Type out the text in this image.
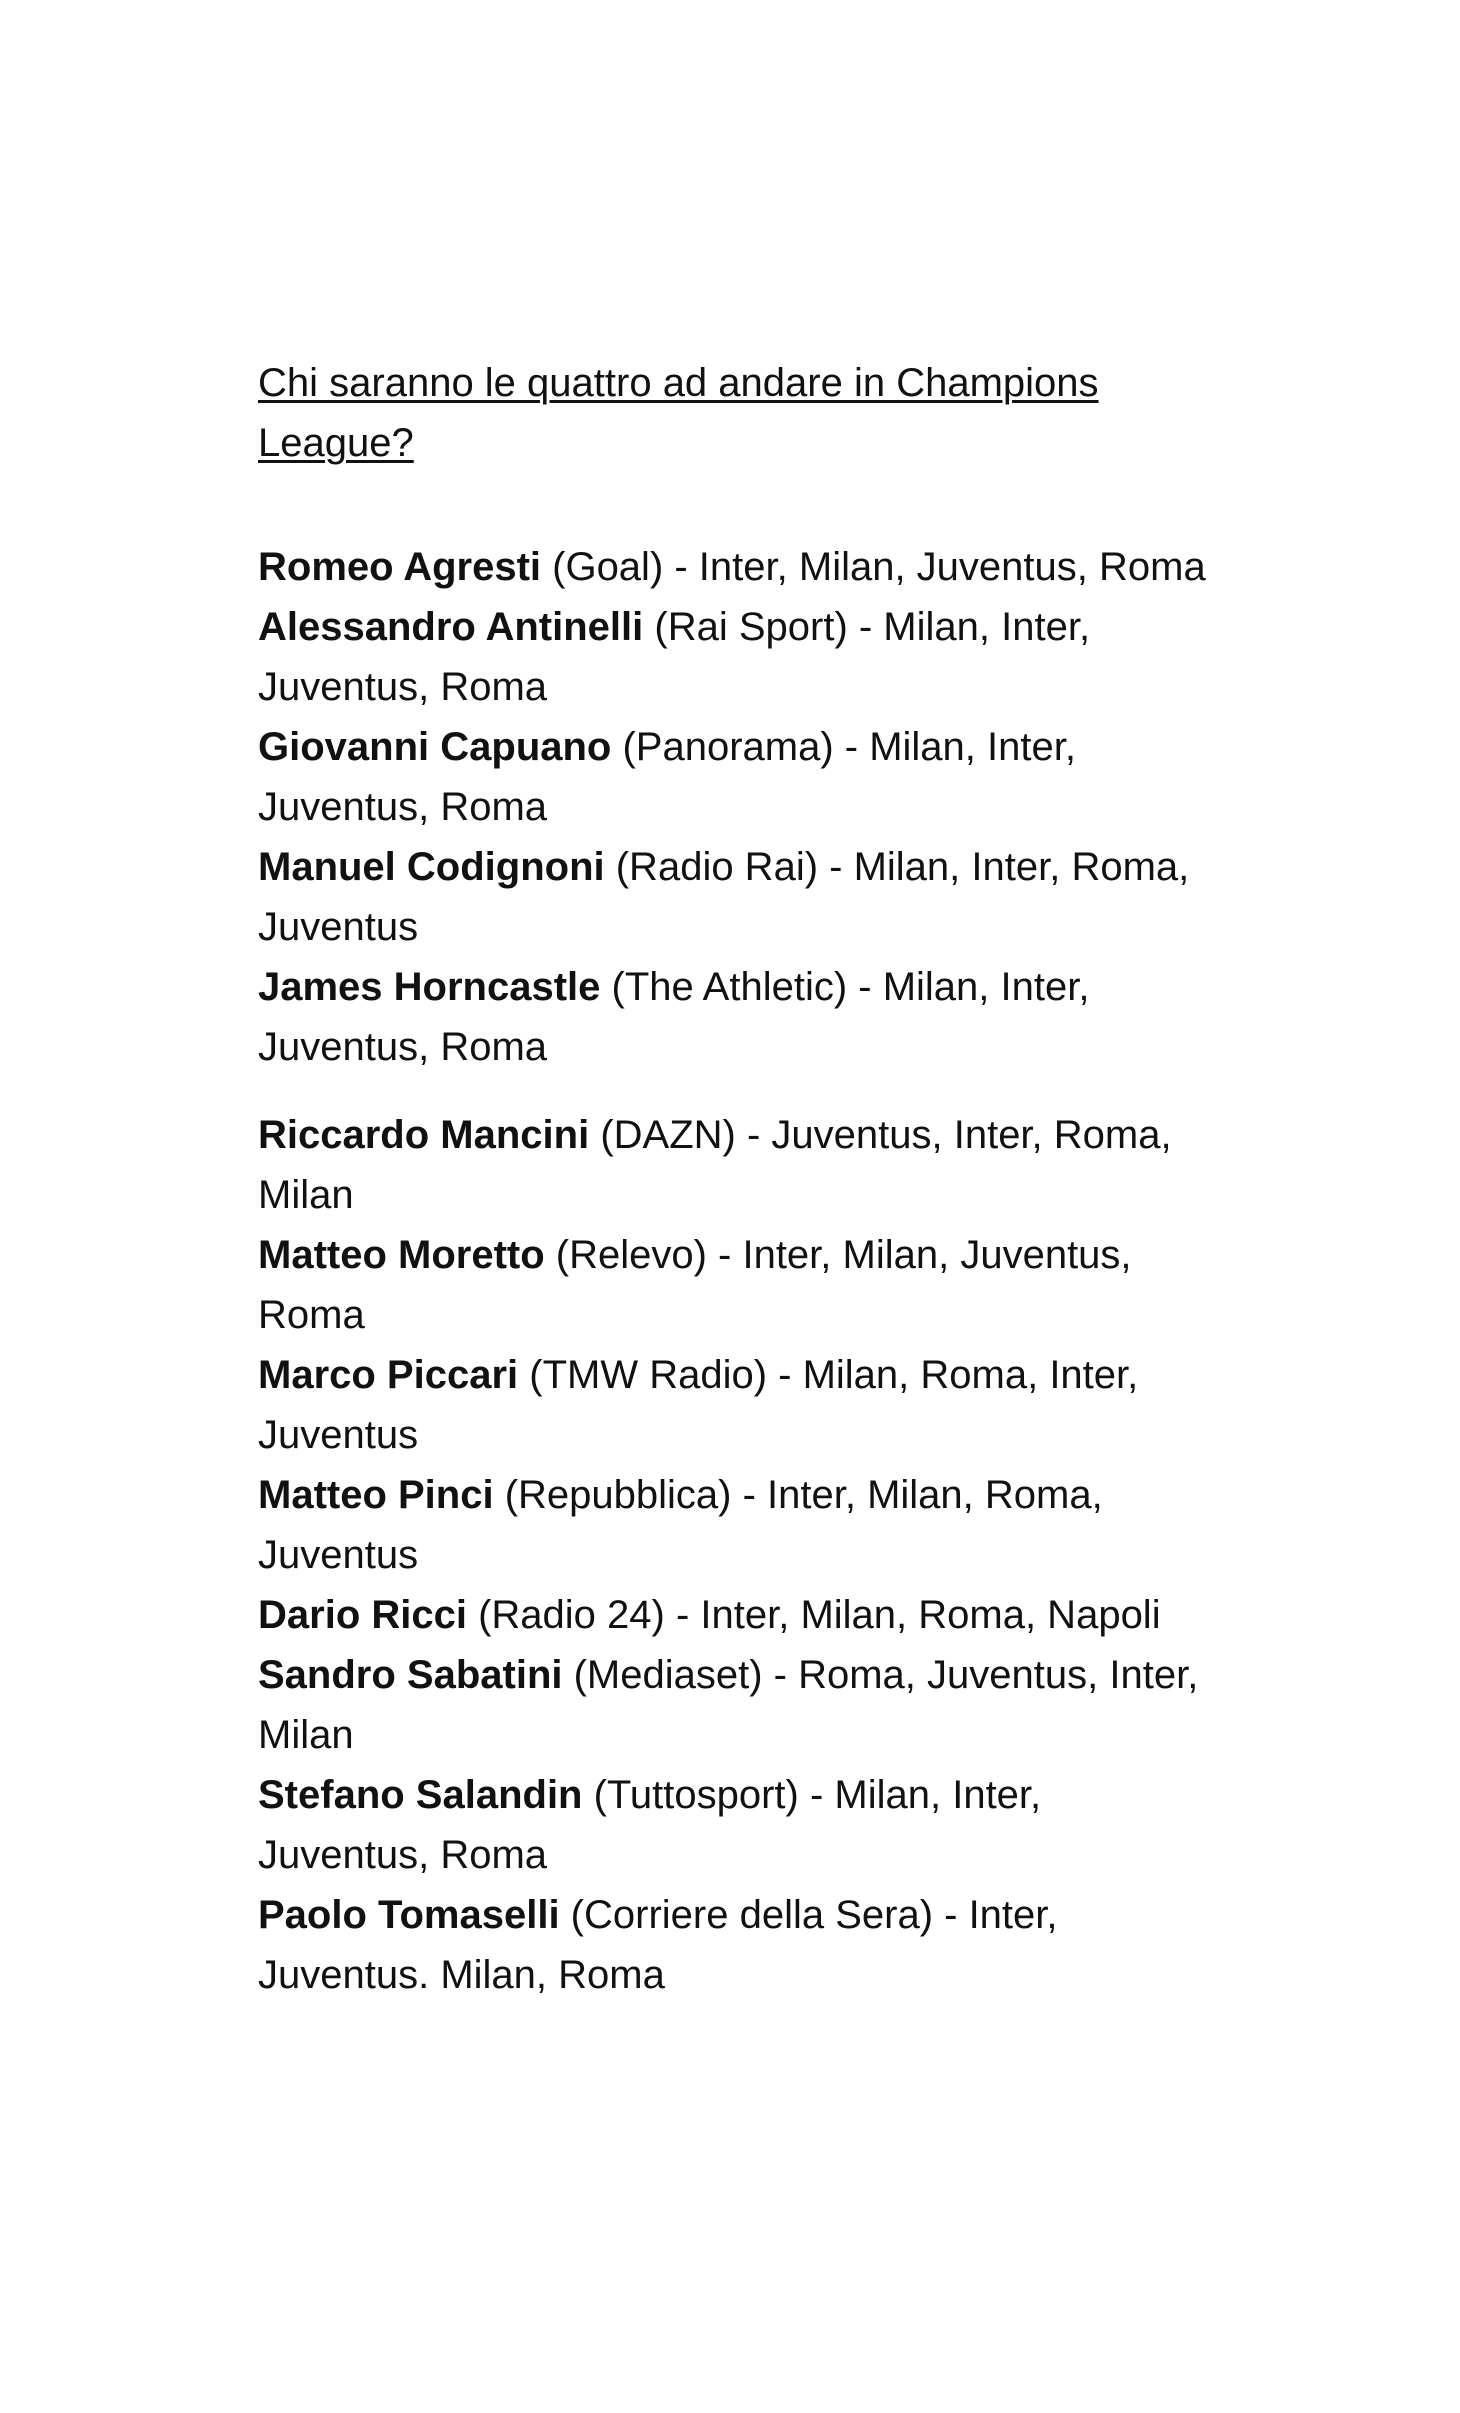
Chi saranno le quattro ad andare in Champions
League?

Romeo Agresti (Goal) - Inter, Milan, Juventus, Roma

Alessandro Antinelli (Rai Sport) - Milan, Inter,
Juventus, Roma

Giovanni Capuano (Panorama) - Milan, Inter,
Juventus, Roma

Manuel Codignoni (Radio Rai) - Milan, Inter, Roma,
Juventus

James Horncastle (The Athletic) - Milan, Inter,
Juventus, Roma

Riccardo Mancini (DAZN) - Juventus, Inter, Roma,
Milan

Matteo Moretto (Relevo) - Inter, Milan, Juventus,
Roma

Marco Piccari (TMW Radio) - Milan, Roma, Inter,
Juventus

Matteo Pinci (Repubblica) - Inter, Milan, Roma,
Juventus

Dario Ricci (Radio 24) - Inter, Milan, Roma, Napoli

Sandro Sabatini (Mediaset) - Roma, Juventus, Inter,
Milan

Stefano Salandin (Tuttosport) - Milan, Inter,
Juventus, Roma

Paolo Tomaselli (Corriere della Sera) - Inter,
Juventus. Milan, Roma
